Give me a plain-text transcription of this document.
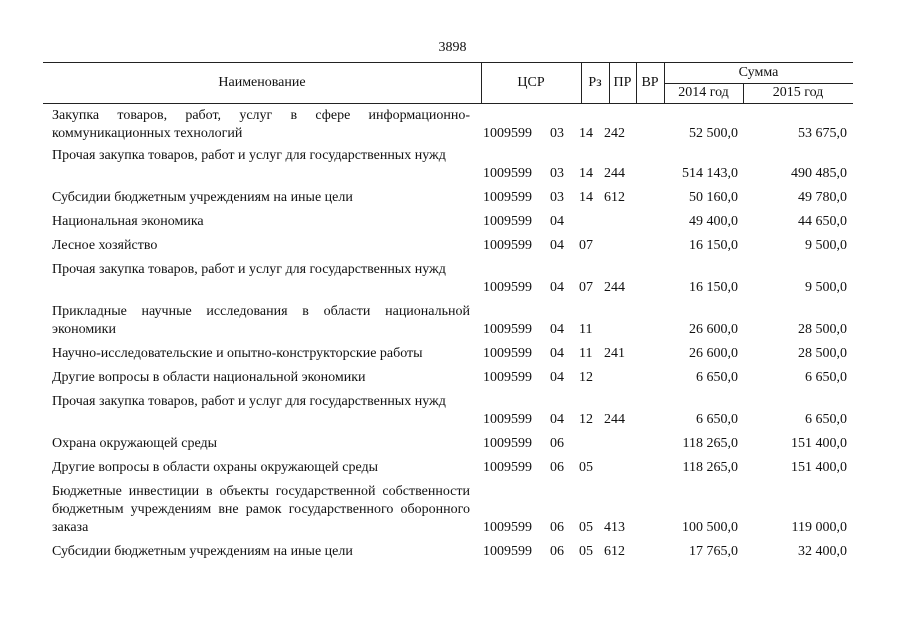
3898
Наименование	ЦСР	Рз ПР ВР
Сумма
2014 год	2015 год
Закупка товаров, работ, услуг в сфере информационно-коммуникационных технологий	1009599 03 14 242	52 500,0	53 675,0
Прочая закупка товаров, работ и услуг для государственных нужд
1009599 03 14 244	514 143,0	490 485,0
Субсидии бюджетным учреждениям на иные цели	1009599 03 14 612	50 160,0	49 780,0
Национальная экономика	1009599 04	49 400,0	44 650,0
Лесное хозяйство	1009599 04 07	16 150,0	9 500,0
Прочая закупка товаров, работ и услуг для государственных нужд
1009599 04 07 244	16 150,0	9 500,0
Прикладные научные исследования в области национальной экономики	1009599 04 11	26 600,0	28 500,0
Научно-исследовательские и опытно-конструкторские работы	1009599 04 11 241	26 600,0	28 500,0
Другие вопросы в области национальной экономики	1009599 04 12	6 650,0	6 650,0
Прочая закупка товаров, работ и услуг для государственных нужд
1009599 04 12 244	6 650,0	6 650,0
Охрана окружающей среды	1009599 06	118 265,0	151 400,0
Другие вопросы в области охраны окружающей среды	1009599 06 05	118 265,0	151 400,0
Бюджетные инвестиции в объекты государственной собственности бюджетным учреждениям вне рамок государственного оборонного заказа	1009599 06 05 413	100 500,0	119 000,0
Субсидии бюджетным учреждениям на иные цели	1009599 06 05 612	17 765,0	32 400,0
